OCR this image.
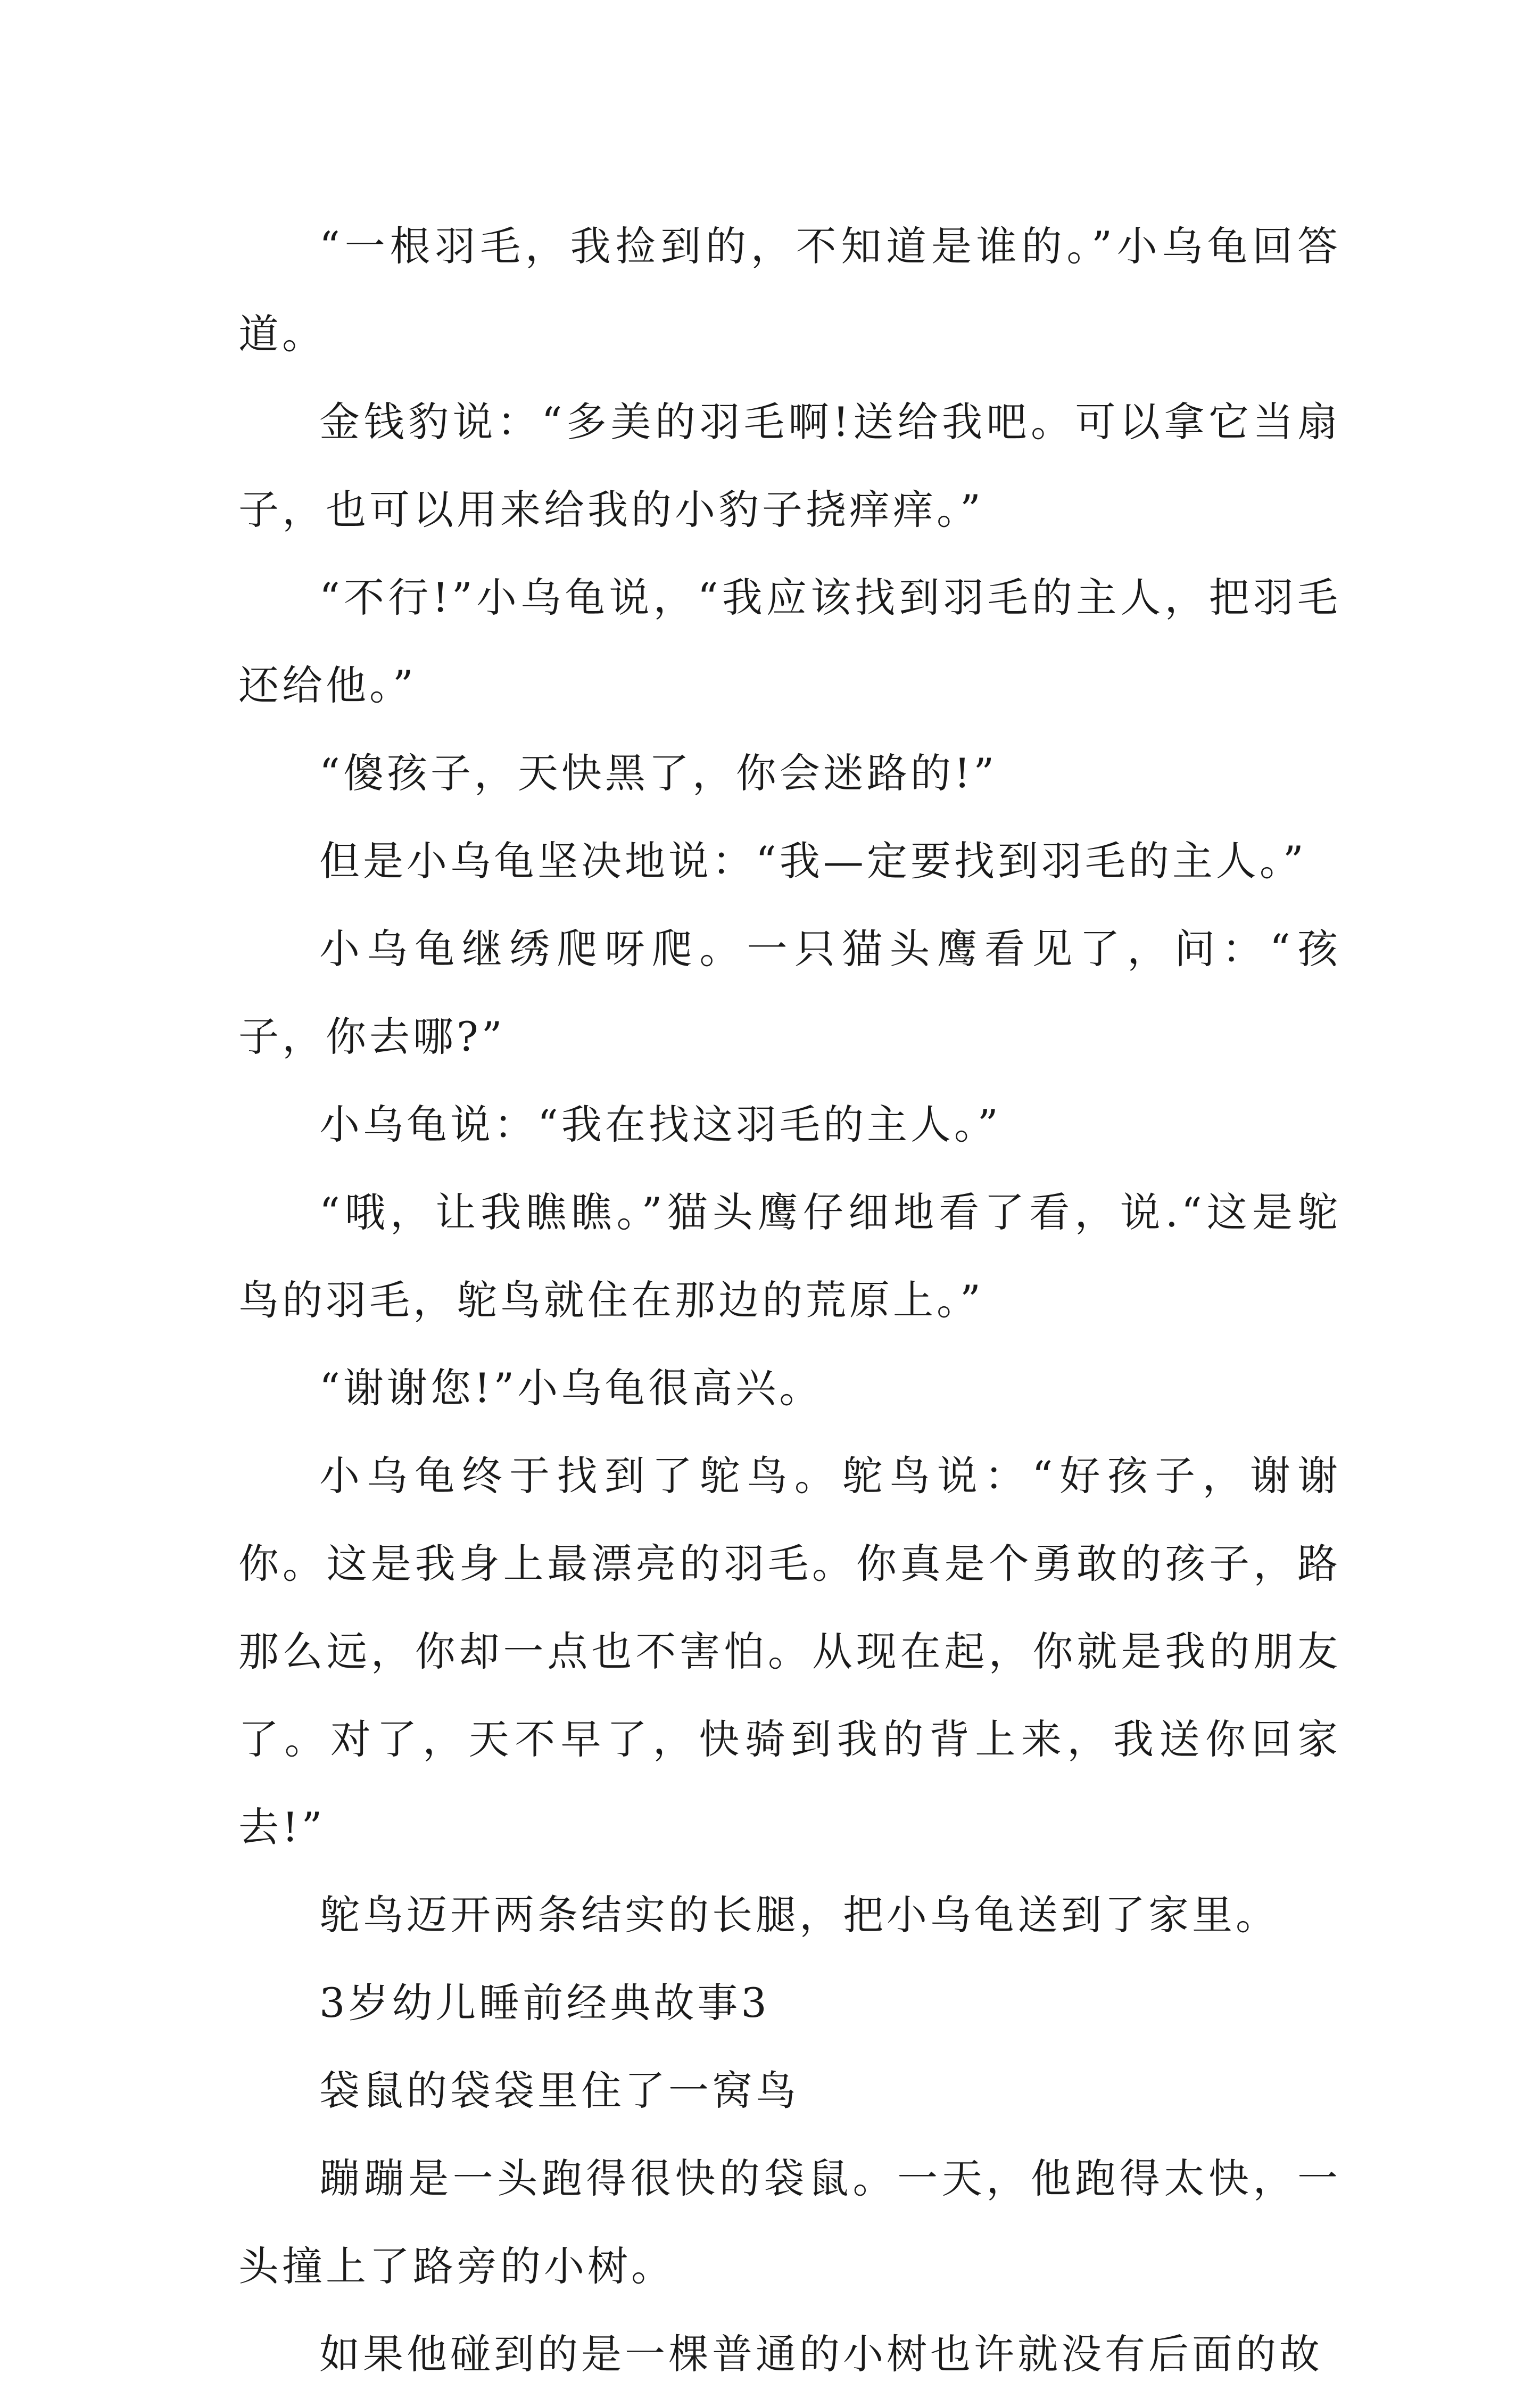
“一根羽毛，我捡到的，不知道是谁的。”小乌龟回答道。

金钱豹说：“多美的羽毛啊!送给我吧。可以拿它当扇子，也可以用来给我的小豹子挠痒痒。”

“不行!”小乌龟说，“我应该找到羽毛的主人，把羽毛还给他。”

“傻孩子，天快黑了，你会迷路的!”

但是小乌龟坚决地说：“我—定要找到羽毛的主人。”

小乌龟继绣爬呀爬。一只猫头鹰看见了，问：“孩子，你去哪?”

小乌龟说：“我在找这羽毛的主人。”

“哦，让我瞧瞧。”猫头鹰仔细地看了看，说.“这是鸵鸟的羽毛，鸵鸟就住在那边的荒原上。”

“谢谢您!”小乌龟很高兴。

小乌龟终于找到了鸵鸟。鸵鸟说：“好孩子，谢谢你。这是我身上最漂亮的羽毛。你真是个勇敢的孩子，路那么远，你却一点也不害怕。从现在起，你就是我的朋友了。对了，天不早了，快骑到我的背上来，我送你回家去!”

鸵鸟迈开两条结实的长腿，把小乌龟送到了家里。

3岁幼儿睡前经典故事3

袋鼠的袋袋里住了一窝鸟

蹦蹦是一头跑得很快的袋鼠。一天，他跑得太快，一头撞上了路旁的小树。

如果他碰到的是一棵普通的小树也许就没有后面的故
